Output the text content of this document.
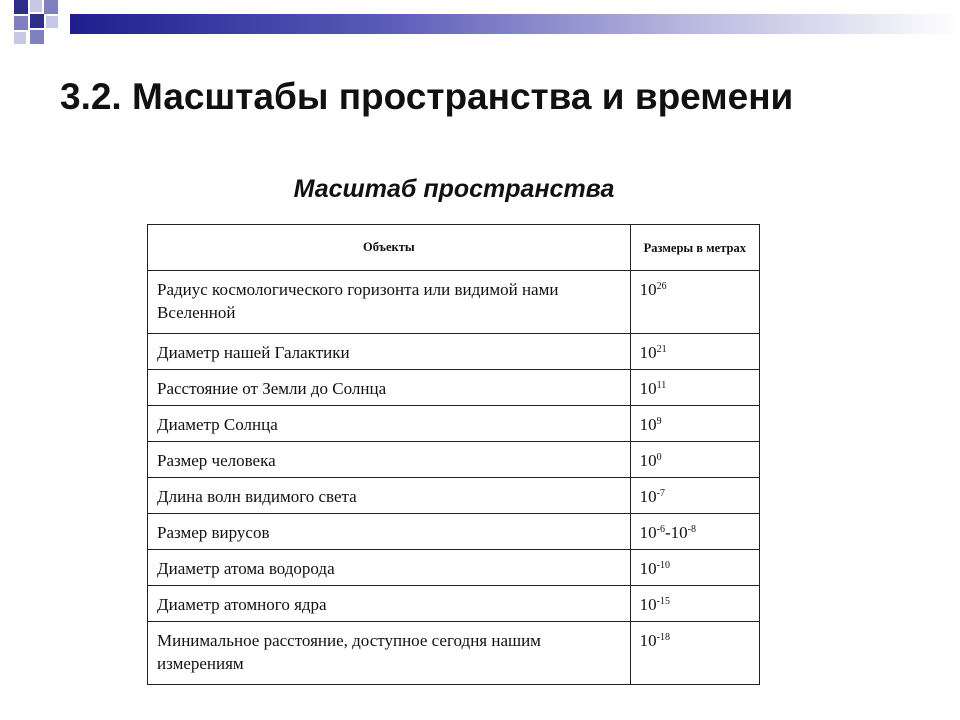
3.2. Масштабы пространства и времени
Масштаб пространства
Объекты	Размеры в метрах
Радиус космологического горизонта или видимой нами Вселенной	$10^{26}$
Диаметр нашей Галактики	$10^{21}$
Расстояние от Земли до Солнца	$10^{11}$
Диаметр Солнца	$10^9$
Размер человека	$10^0$
Длина волн видимого света	$10^{-7}$
Размер вирусов	$10^{-6}-10^{-8}$
Диаметр атома водорода	$10^{-10}$
Диаметр атомного ядра	$10^{-15}$
Минимальное расстояние, доступное сегодня нашим измерениям	$10^{-18}$
